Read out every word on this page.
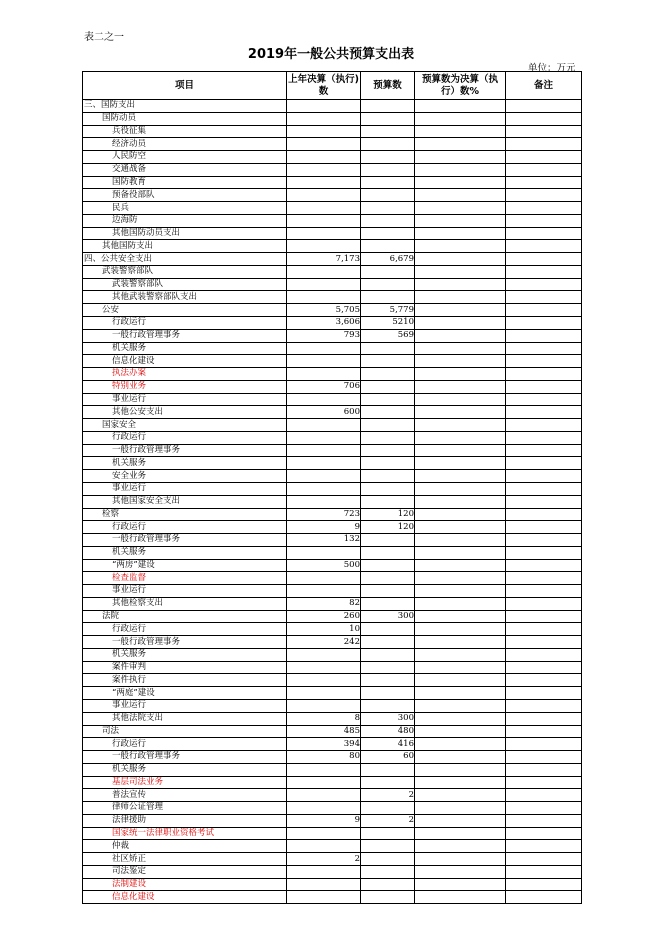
表二之一
2019年一般公共预算支出表
单位：万元
项目	上年决算（执行)数	预算数	预算数为决算（执行）数%	备注
三、国防支出				
国防动员				
兵役征集				
经济动员				
人民防空				
交通战备				
国防教育				
预备役部队				
民兵				
边海防				
其他国防动员支出				
其他国防支出				
四、公共安全支出	7,173	6,679		
武装警察部队				
武装警察部队				
其他武装警察部队支出				
公安	5,705	5,779		
行政运行	3,606	5210		
一般行政管理事务	793	569		
机关服务				
信息化建设				
执法办案				
特别业务	706			
事业运行				
其他公安支出	600			
国家安全				
行政运行				
一般行政管理事务				
机关服务				
安全业务				
事业运行				
其他国家安全支出				
检察	723	120		
行政运行	9	120		
一般行政管理事务	132			
机关服务				
“两房”建设	500			
检查监督				
事业运行				
其他检察支出	82			
法院	260	300		
行政运行	10			
一般行政管理事务	242			
机关服务				
案件审判				
案件执行				
“两庭”建设				
事业运行				
其他法院支出	8	300		
司法	485	480		
行政运行	394	416		
一般行政管理事务	80	60		
机关服务				
基层司法业务				
普法宣传		2		
律师公证管理				
法律援助	9	2		
国家统一法律职业资格考试				
仲裁				
社区矫正	2			
司法鉴定				
法制建设				
信息化建设				
